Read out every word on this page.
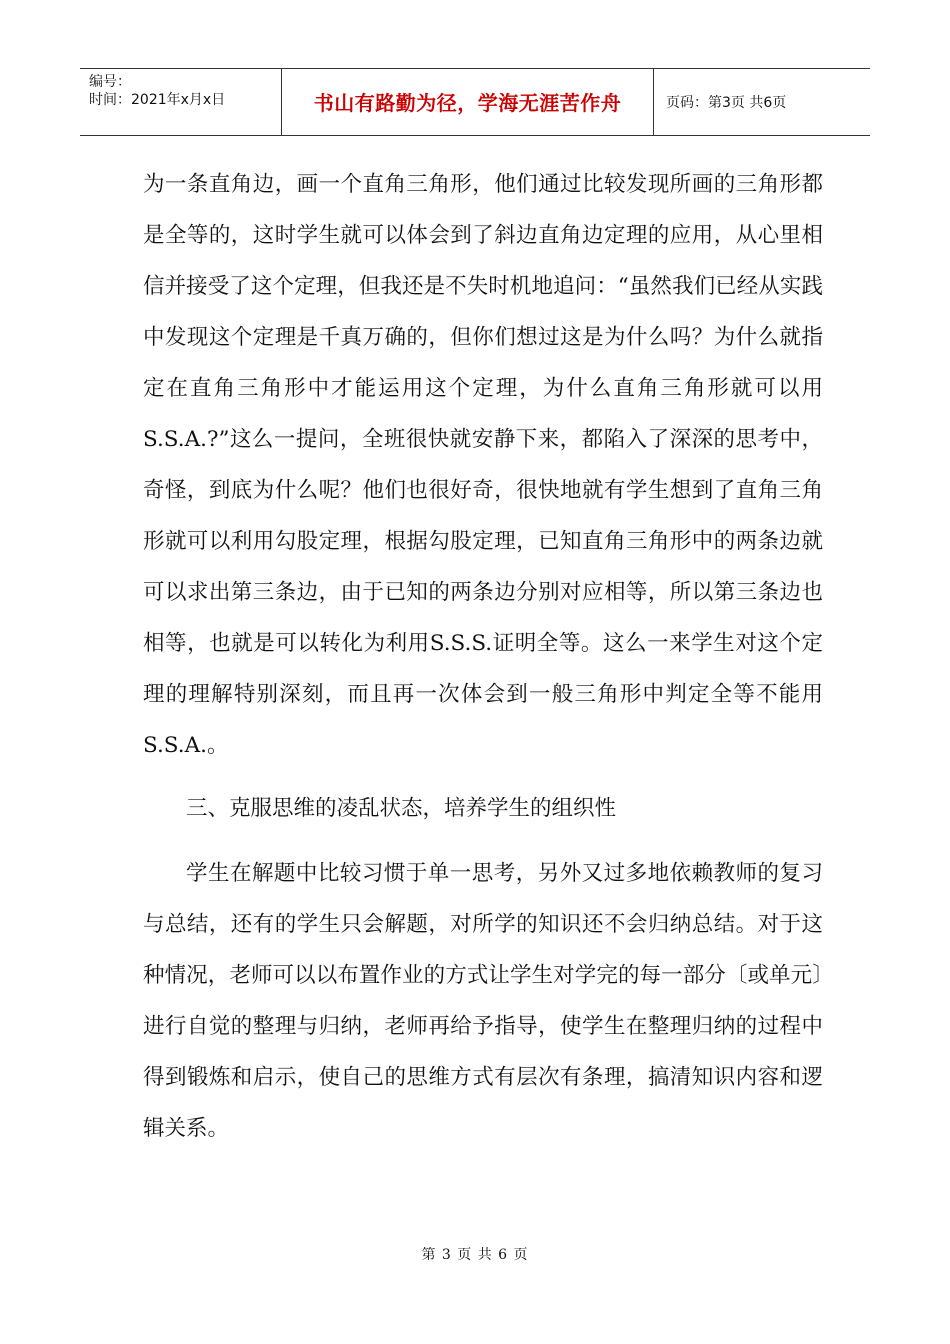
编号：
时间：2021年x月x日	书山有路勤为径，学海无涯苦作舟	页码：第3页 共6页

为一条直角边，画一个直角三角形，他们通过比较发现所画的三角形都是全等的，这时学生就可以体会到了斜边直角边定理的应用，从心里相信并接受了这个定理，但我还是不失时机地追问：“虽然我们已经从实践中发现这个定理是千真万确的，但你们想过这是为什么吗？为什么就指定在直角三角形中才能运用这个定理，为什么直角三角形就可以用S.S.A.?”这么一提问，全班很快就安静下来，都陷入了深深的思考中，奇怪，到底为什么呢？他们也很好奇，很快地就有学生想到了直角三角形就可以利用勾股定理，根据勾股定理，已知直角三角形中的两条边就可以求出第三条边，由于已知的两条边分别对应相等，所以第三条边也相等，也就是可以转化为利用S.S.S.证明全等。这么一来学生对这个定理的理解特别深刻，而且再一次体会到一般三角形中判定全等不能用S.S.A.。

三、克服思维的凌乱状态，培养学生的组织性

学生在解题中比较习惯于单一思考，另外又过多地依赖教师的复习与总结，还有的学生只会解题，对所学的知识还不会归纳总结。对于这种情况，老师可以以布置作业的方式让学生对学完的每一部分〔或单元〕进行自觉的整理与归纳，老师再给予指导，使学生在整理归纳的过程中得到锻炼和启示，使自己的思维方式有层次有条理，搞清知识内容和逻辑关系。

第 3 页 共 6 页
